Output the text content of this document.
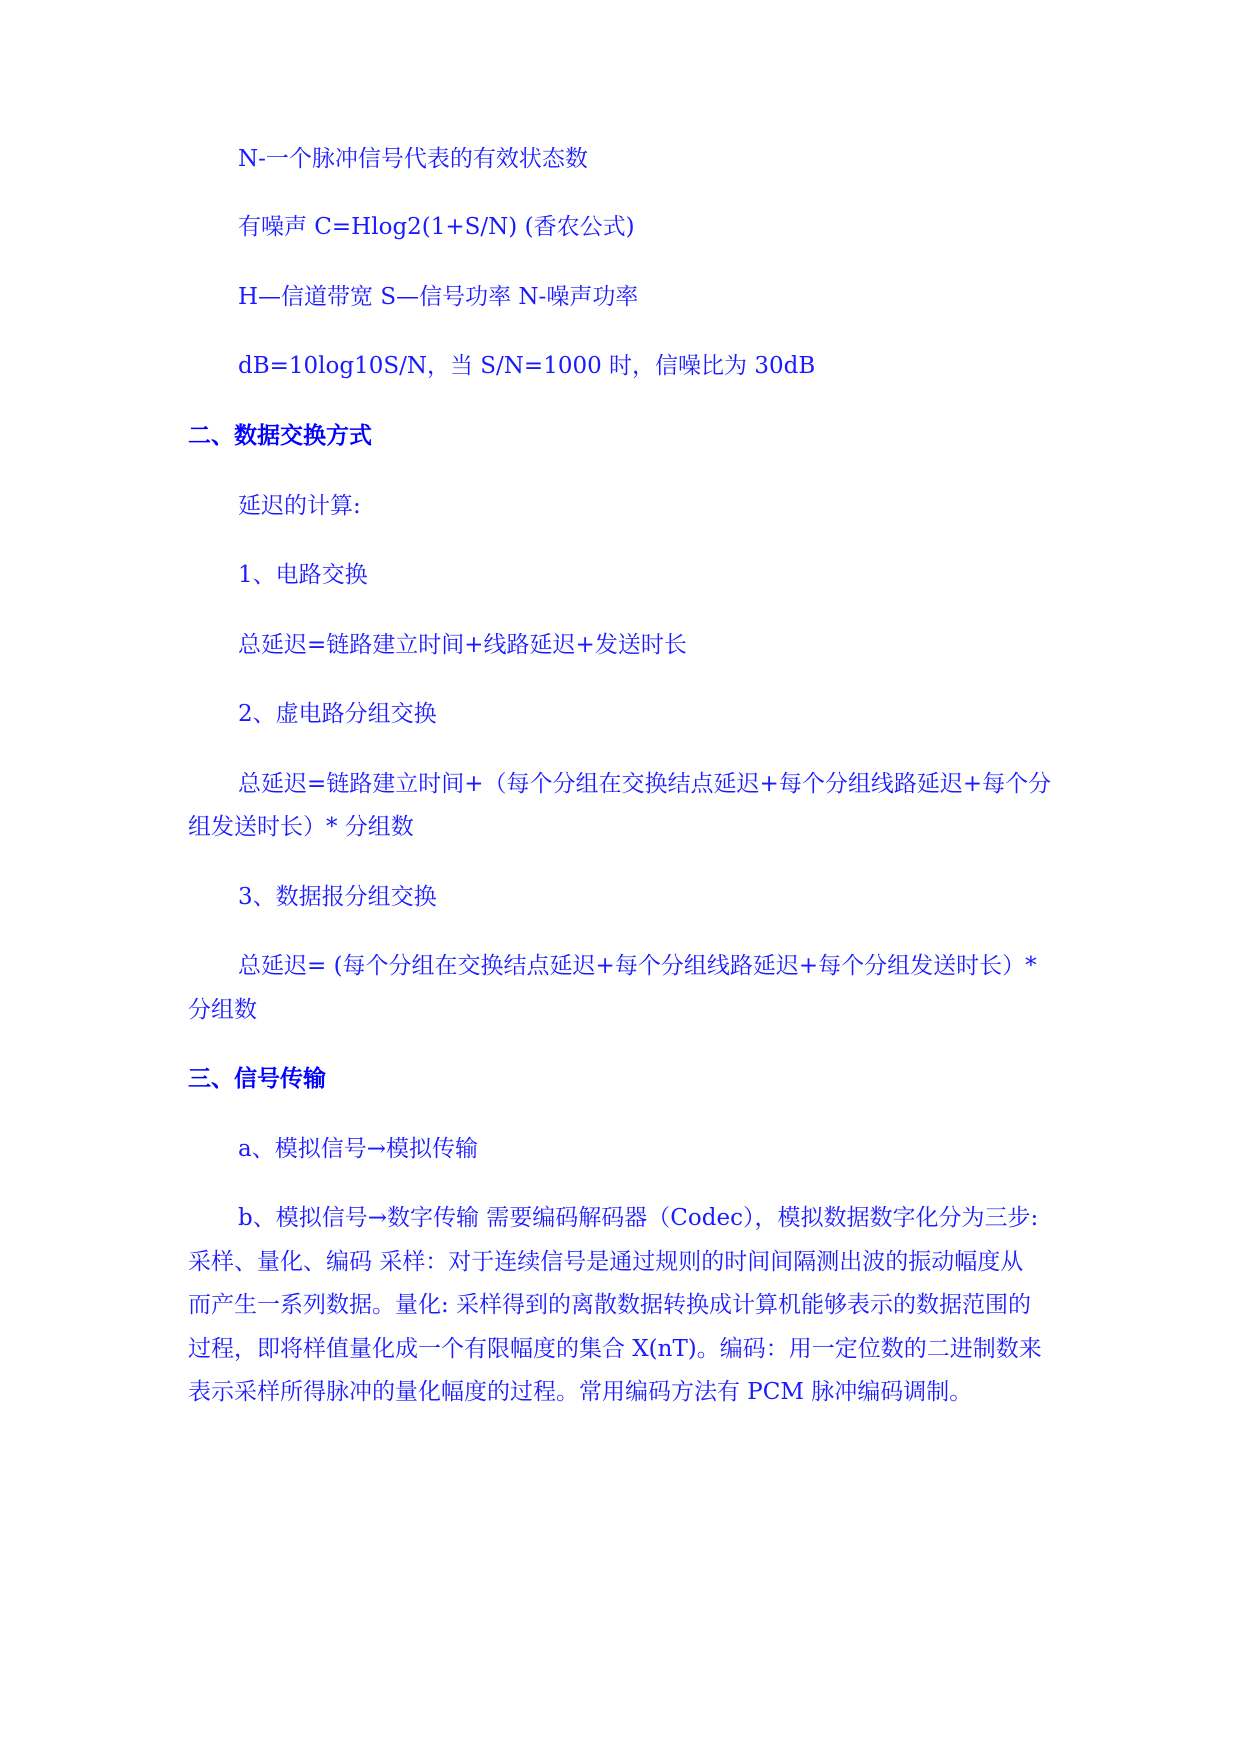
N-一个脉冲信号代表的有效状态数
有噪声 C=Hlog2(1+S/N) (香农公式)
H—信道带宽 S—信号功率 N-噪声功率
dB=10log10S/N，当 S/N=1000 时，信噪比为 30dB
二、数据交换方式
延迟的计算:
1、电路交换
总延迟=链路建立时间+线路延迟+发送时长
2、虚电路分组交换
总延迟=链路建立时间+（每个分组在交换结点延迟+每个分组线路延迟+每个分
组发送时长）* 分组数
3、数据报分组交换
总延迟= (每个分组在交换结点延迟+每个分组线路延迟+每个分组发送时长）*
分组数
三、信号传输
a、模拟信号→模拟传输
b、模拟信号→数字传输 需要编码解码器（Codec），模拟数据数字化分为三步:
采样、量化、编码 采样：对于连续信号是通过规则的时间间隔测出波的振动幅度从
而产生一系列数据。量化: 采样得到的离散数据转换成计算机能够表示的数据范围的
过程，即将样值量化成一个有限幅度的集合 X(nT)。编码：用一定位数的二进制数来
表示采样所得脉冲的量化幅度的过程。常用编码方法有 PCM 脉冲编码调制。
